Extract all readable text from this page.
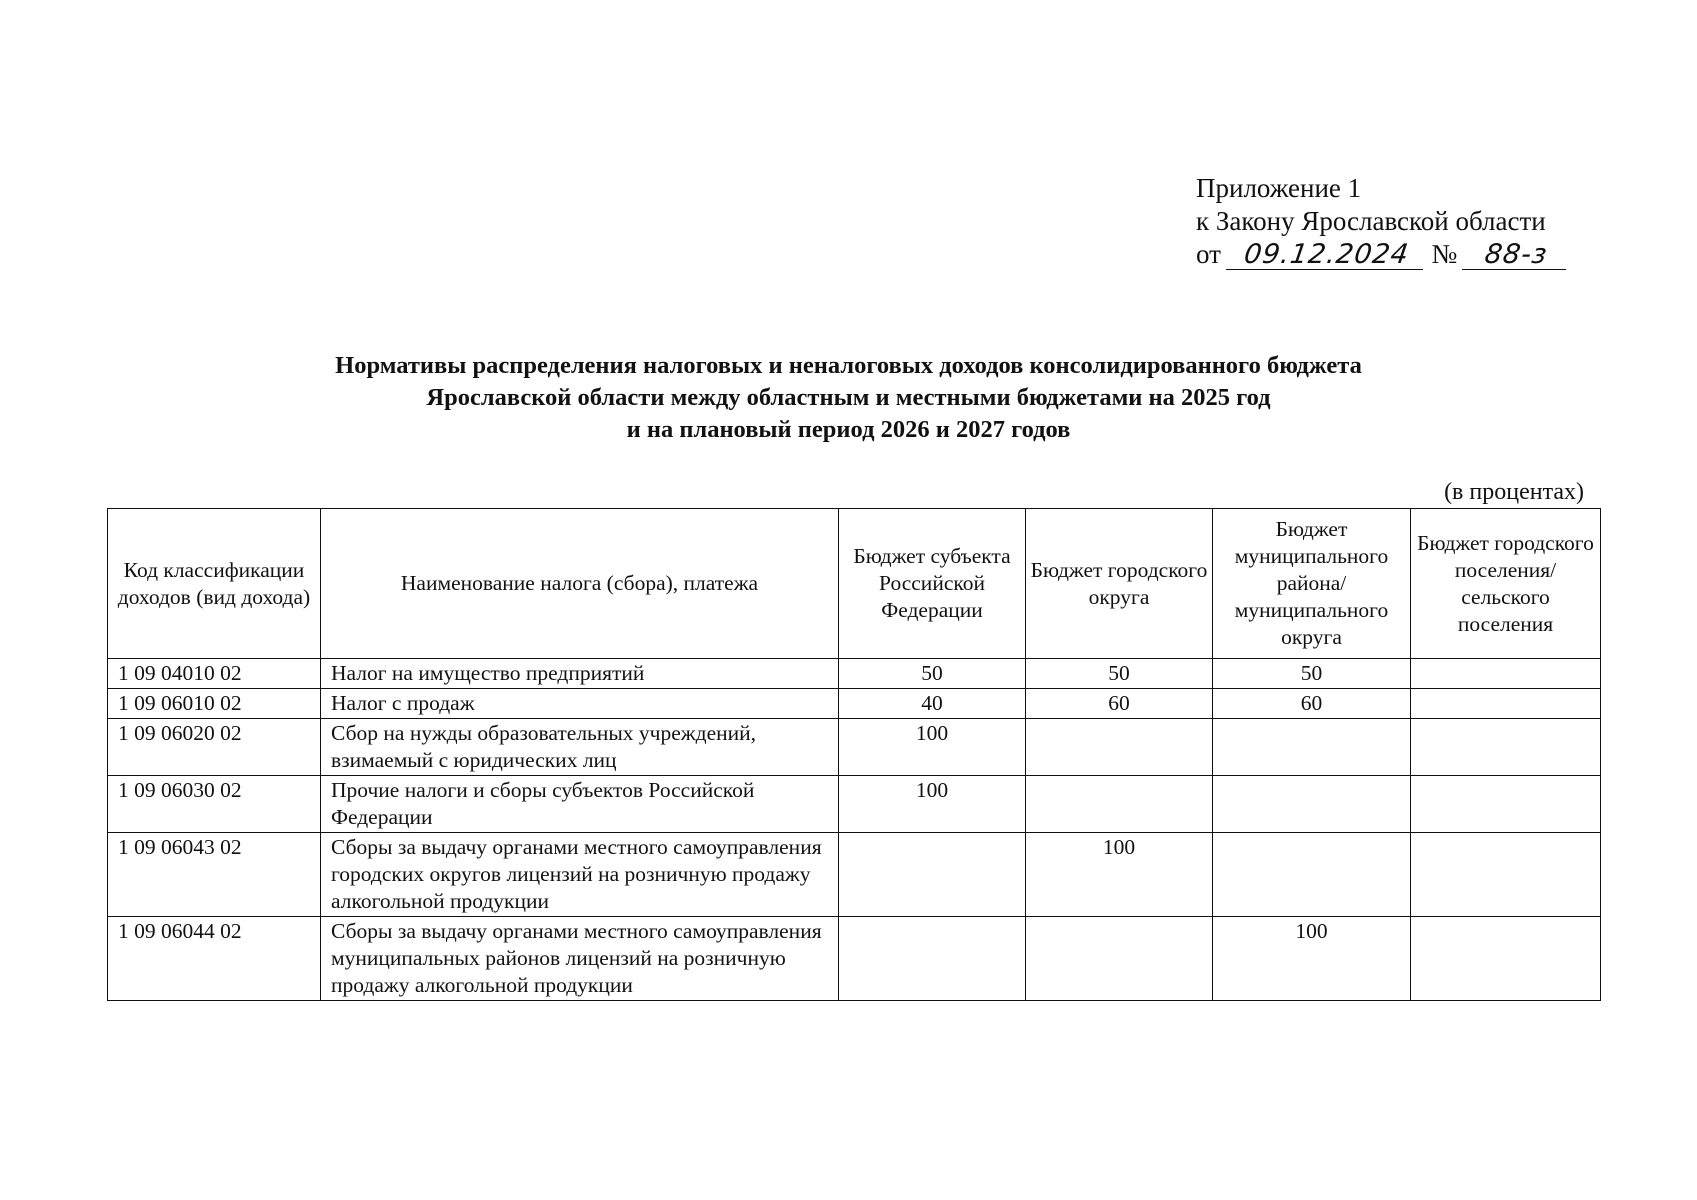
Приложение 1
к Закону Ярославской области
от 09.12.2024 № 88-з
Нормативы распределения налоговых и неналоговых доходов консолидированного бюджета
Ярославской области между областным и местными бюджетами на 2025 год
и на плановый период 2026 и 2027 годов
(в процентах)
Код классификации доходов (вид дохода)	Наименование налога (сбора), платежа	Бюджет субъекта Российской Федерации	Бюджет городского округа	Бюджет муниципального района/ муниципального округа	Бюджет городского поселения/ сельского поселения
1 09 04010 02	Налог на имущество предприятий	50	50	50	
1 09 06010 02	Налог с продаж	40	60	60	
1 09 06020 02	Сбор на нужды образовательных учреждений, взимаемый с юридических лиц	100			
1 09 06030 02	Прочие налоги и сборы субъектов Российской Федерации	100			
1 09 06043 02	Сборы за выдачу органами местного самоуправления городских округов лицензий на розничную продажу алкогольной продукции		100		
1 09 06044 02	Сборы за выдачу органами местного самоуправления муниципальных районов лицензий на розничную продажу алкогольной продукции			100	
